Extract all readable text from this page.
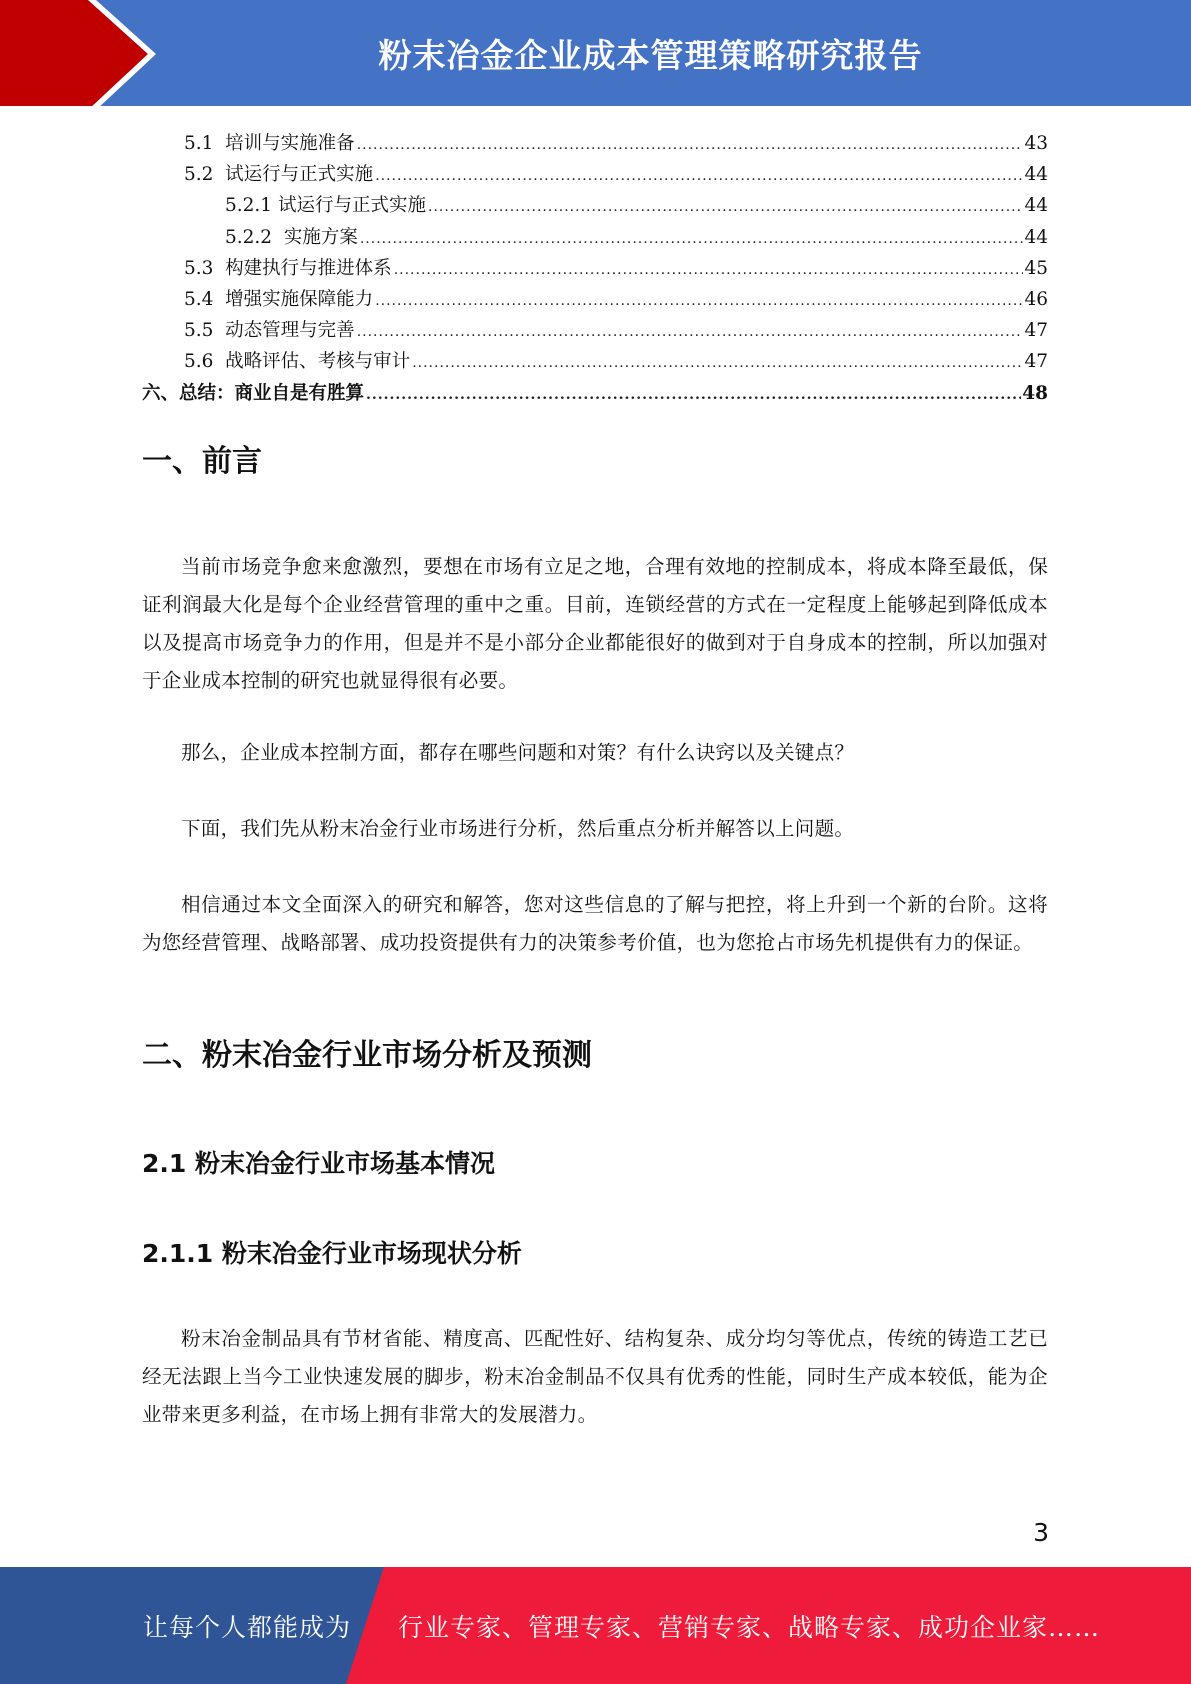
粉末冶金企业成本管理策略研究报告
5.1  培训与实施准备 .....	43
5.2  试运行与正式实施 .....	44
5.2.1 试运行与正式实施 .....	44
5.2.2  实施方案 .....	44
5.3  构建执行与推进体系 .....	45
5.4  增强实施保障能力 .....	46
5.5  动态管理与完善 .....	47
5.6  战略评估、考核与审计 .....	47
六、总结：商业自是有胜算 .....	48
一、前言

当前市场竞争愈来愈激烈，要想在市场有立足之地，合理有效地的控制成本，将成本降至最低，保证利润最大化是每个企业经营管理的重中之重。目前，连锁经营的方式在一定程度上能够起到降低成本以及提高市场竞争力的作用，但是并不是小部分企业都能很好的做到对于自身成本的控制，所以加强对于企业成本控制的研究也就显得很有必要。

那么，企业成本控制方面，都存在哪些问题和对策？有什么诀窍以及关键点？

下面，我们先从粉末冶金行业市场进行分析，然后重点分析并解答以上问题。

相信通过本文全面深入的研究和解答，您对这些信息的了解与把控，将上升到一个新的台阶。这将为您经营管理、战略部署、成功投资提供有力的决策参考价值，也为您抢占市场先机提供有力的保证。

二、粉末冶金行业市场分析及预测
2.1 粉末冶金行业市场基本情况
2.1.1 粉末冶金行业市场现状分析

粉末冶金制品具有节材省能、精度高、匹配性好、结构复杂、成分均匀等优点，传统的铸造工艺已经无法跟上当今工业快速发展的脚步，粉末冶金制品不仅具有优秀的性能，同时生产成本较低，能为企业带来更多利益，在市场上拥有非常大的发展潜力。

3
让每个人都能成为 行业专家、管理专家、营销专家、战略专家、成功企业家……
